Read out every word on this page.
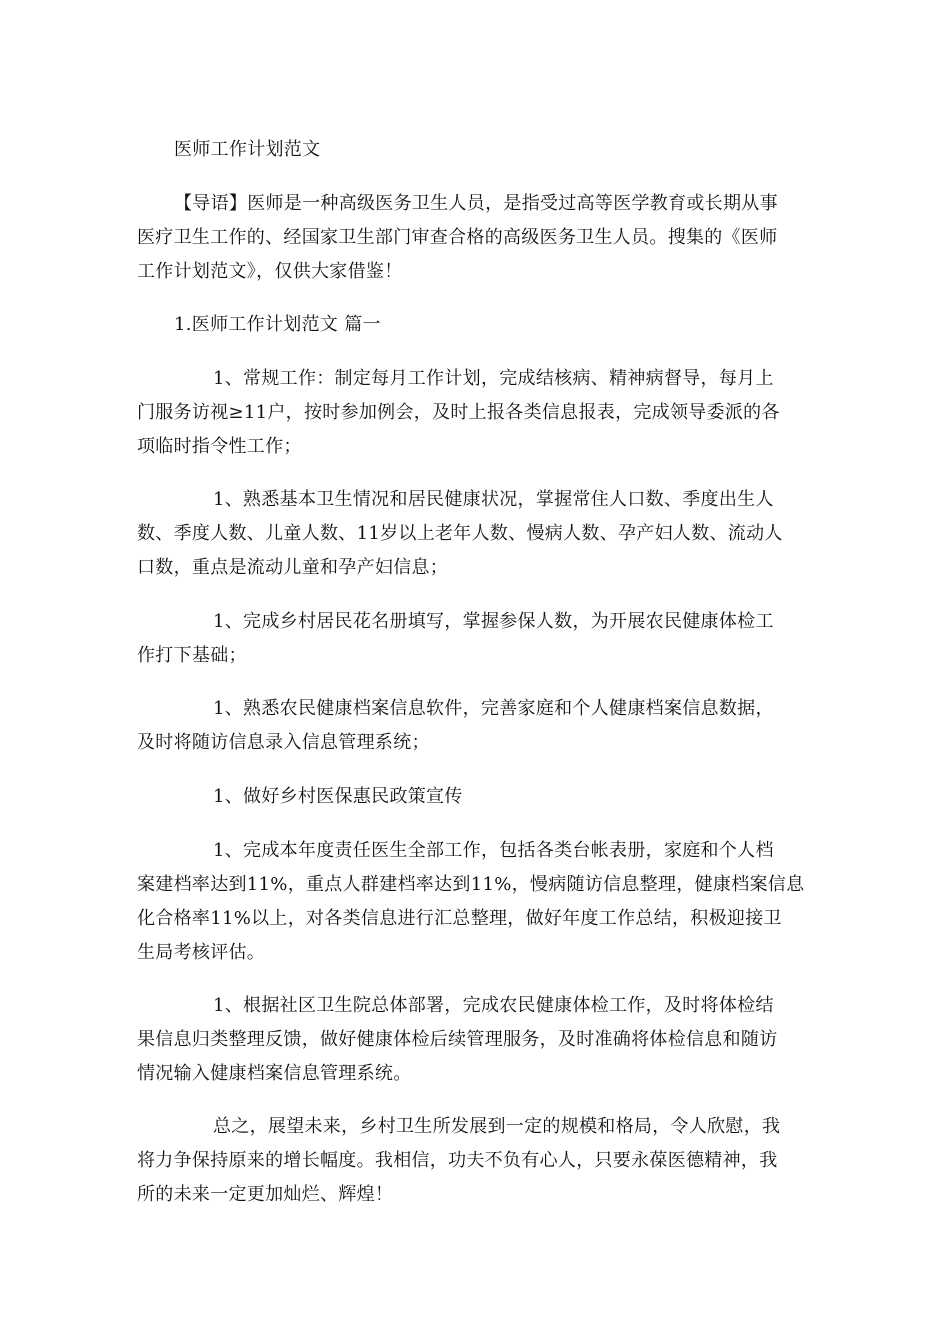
医师工作计划范文
【导语】医师是一种高级医务卫生人员，是指受过高等医学教育或长期从事
医疗卫生工作的、经国家卫生部门审查合格的高级医务卫生人员。搜集的《医师
工作计划范文》，仅供大家借鉴！
1.医师工作计划范文 篇一
1、常规工作：制定每月工作计划，完成结核病、精神病督导，每月上
门服务访视≥11户，按时参加例会，及时上报各类信息报表，完成领导委派的各
项临时指令性工作；
1、熟悉基本卫生情况和居民健康状况，掌握常住人口数、季度出生人
数、季度人数、儿童人数、11岁以上老年人数、慢病人数、孕产妇人数、流动人
口数，重点是流动儿童和孕产妇信息；
1、完成乡村居民花名册填写，掌握参保人数，为开展农民健康体检工
作打下基础；
1、熟悉农民健康档案信息软件，完善家庭和个人健康档案信息数据，
及时将随访信息录入信息管理系统；
1、做好乡村医保惠民政策宣传
1、完成本年度责任医生全部工作，包括各类台帐表册，家庭和个人档
案建档率达到11%，重点人群建档率达到11%，慢病随访信息整理，健康档案信息
化合格率11%以上，对各类信息进行汇总整理，做好年度工作总结，积极迎接卫
生局考核评估。
1、根据社区卫生院总体部署，完成农民健康体检工作，及时将体检结
果信息归类整理反馈，做好健康体检后续管理服务，及时准确将体检信息和随访
情况输入健康档案信息管理系统。
总之，展望未来，乡村卫生所发展到一定的规模和格局，令人欣慰，我
将力争保持原来的增长幅度。我相信，功夫不负有心人，只要永葆医德精神，我
所的未来一定更加灿烂、辉煌！
